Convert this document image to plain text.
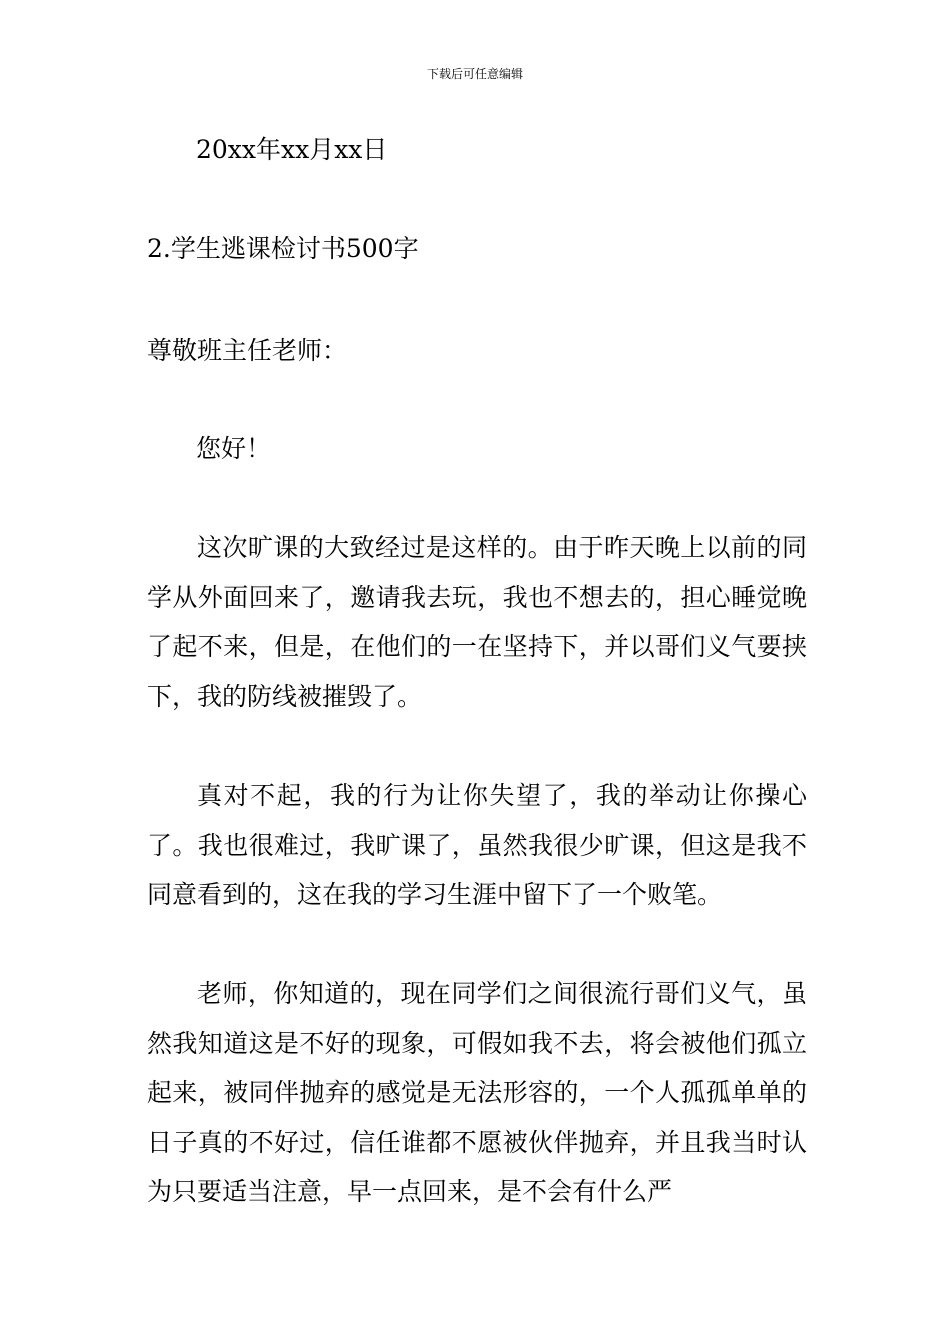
下载后可任意编辑
20xx年xx月xx日
2.学生逃课检讨书500字
尊敬班主任老师：
您好！
这次旷课的大致经过是这样的。由于昨天晚上以前的同学从外面回来了，邀请我去玩，我也不想去的，担心睡觉晚了起不来，但是，在他们的一在坚持下，并以哥们义气要挟下，我的防线被摧毁了。
真对不起，我的行为让你失望了，我的举动让你操心了。我也很难过，我旷课了，虽然我很少旷课，但这是我不同意看到的，这在我的学习生涯中留下了一个败笔。
老师，你知道的，现在同学们之间很流行哥们义气，虽然我知道这是不好的现象，可假如我不去，将会被他们孤立起来，被同伴抛弃的感觉是无法形容的，一个人孤孤单单的日子真的不好过，信任谁都不愿被伙伴抛弃，并且我当时认为只要适当注意，早一点回来，是不会有什么严
